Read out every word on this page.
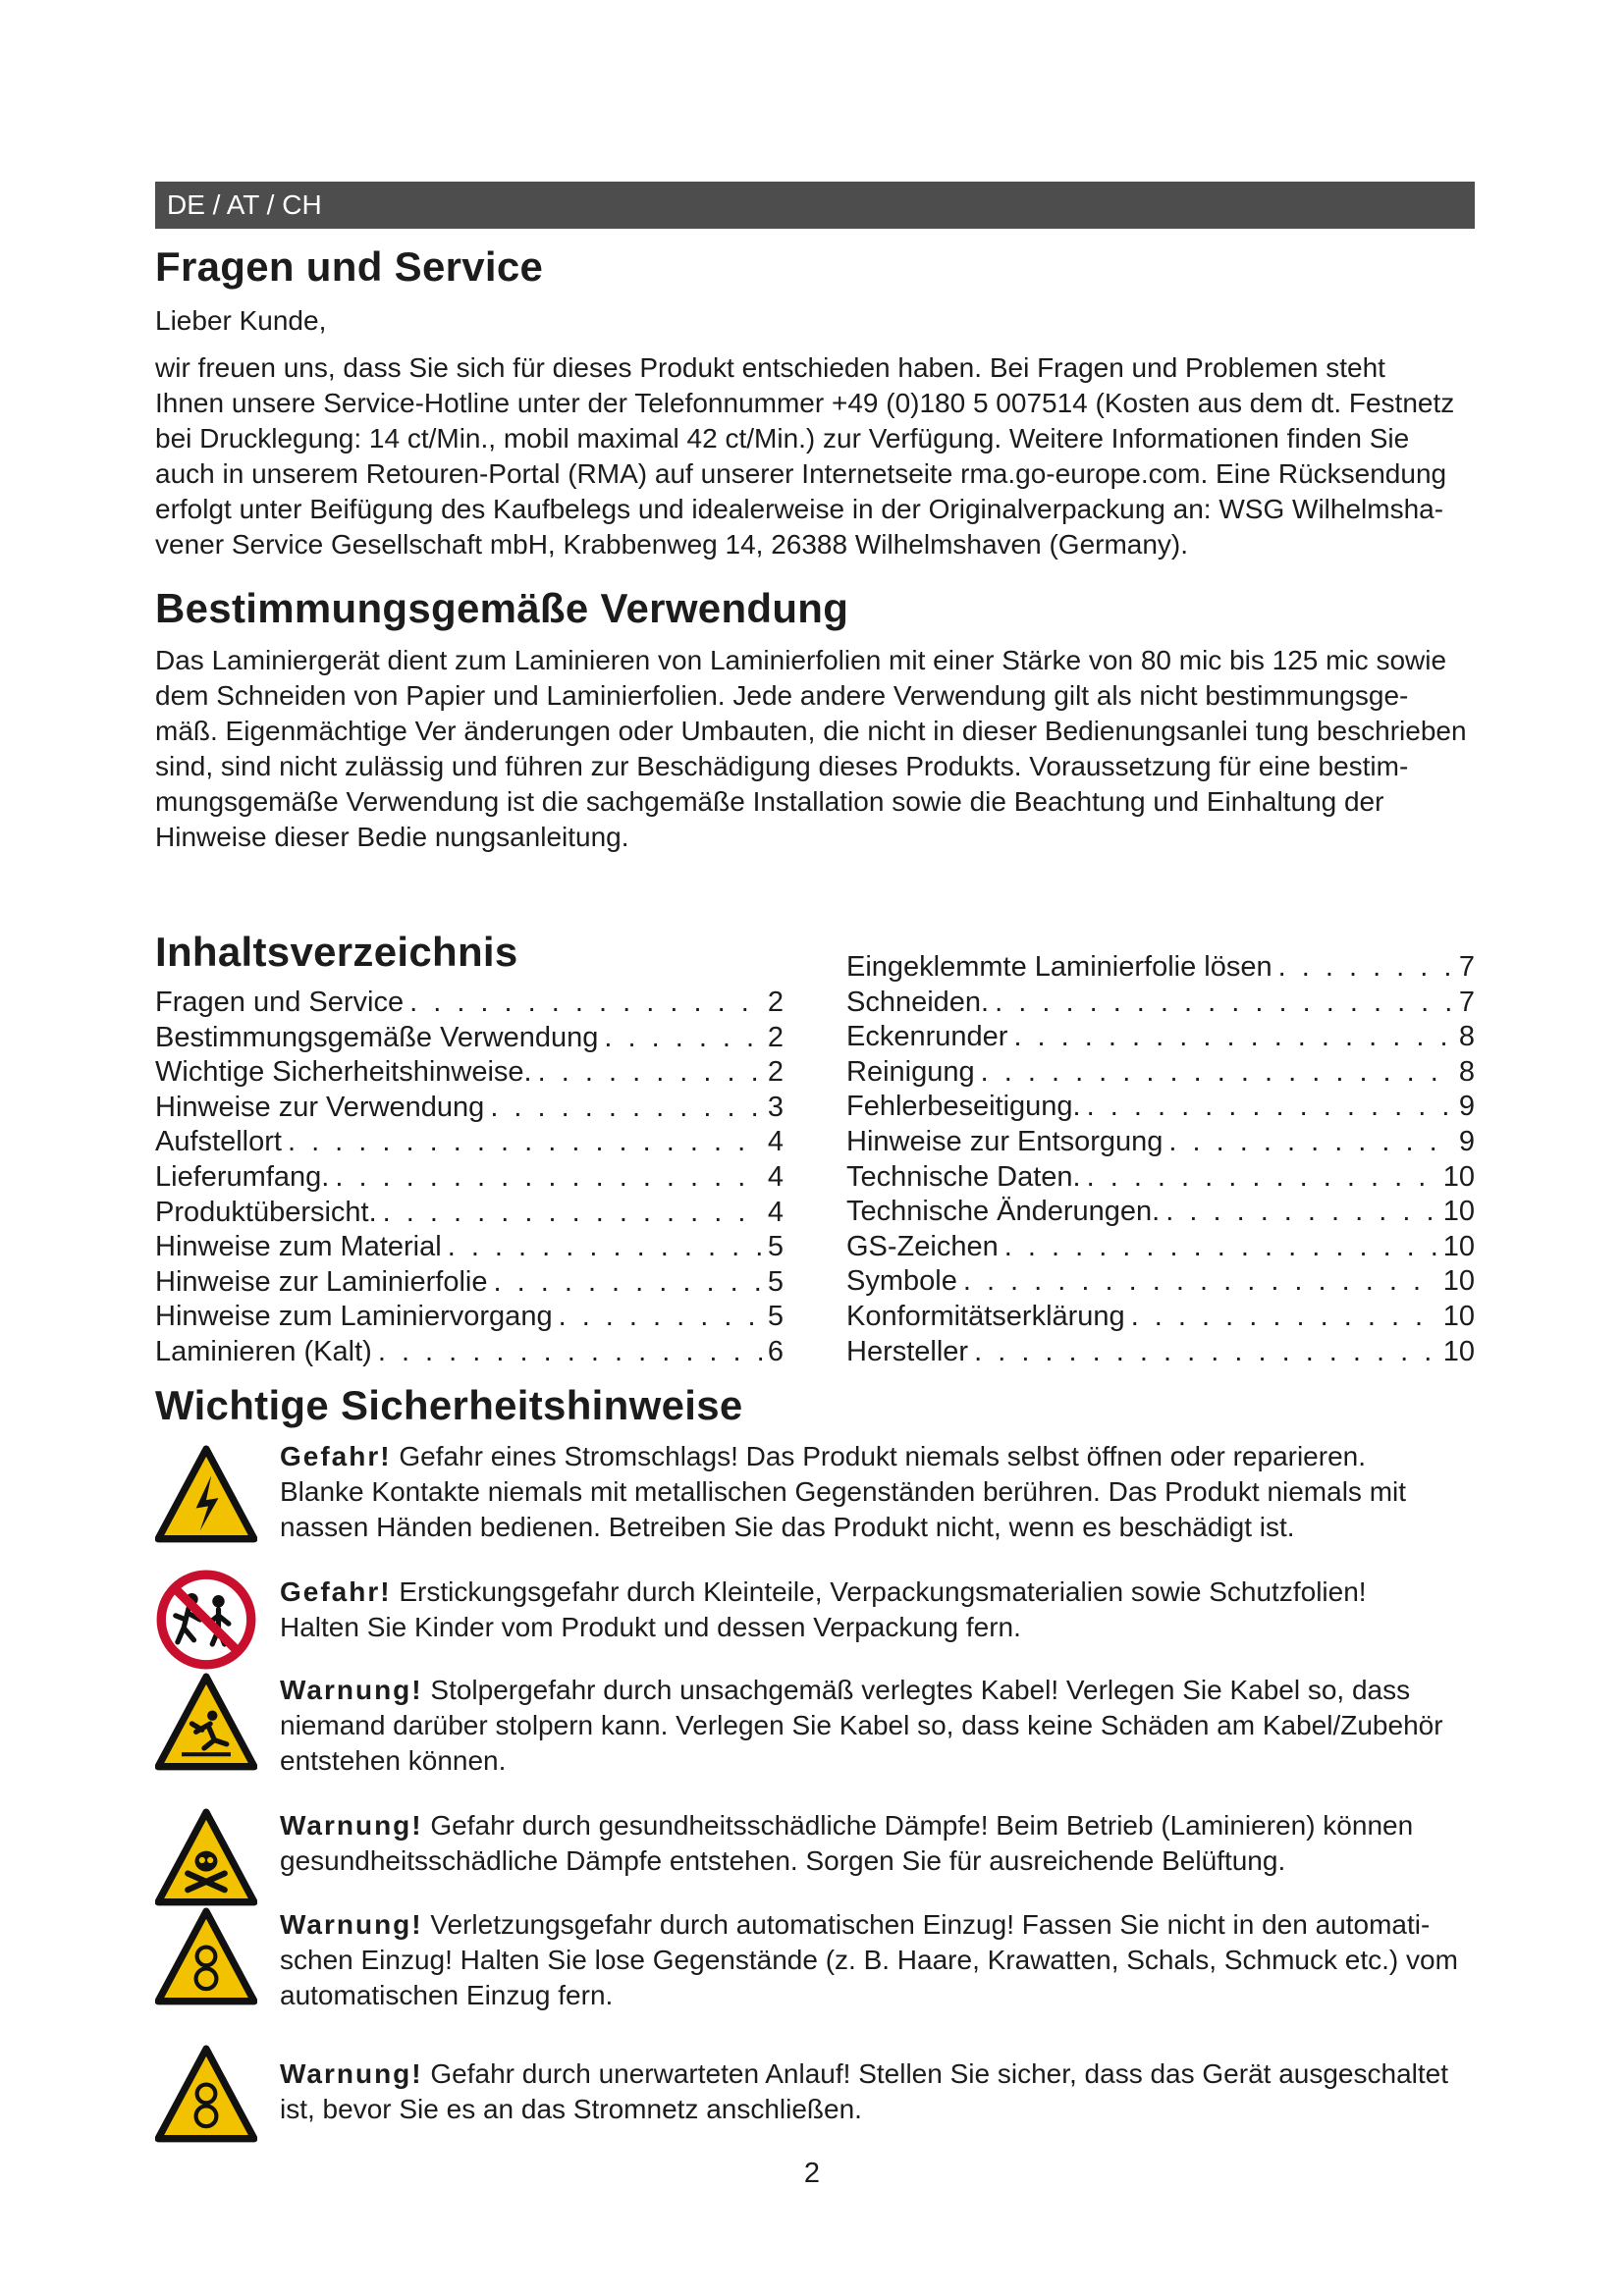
DE / AT / CH
Fragen und Service

Lieber Kunde,

wir freuen uns, dass Sie sich für dieses Produkt entschieden haben. Bei Fragen und Problemen steht
Ihnen unsere Service-Hotline unter der Telefonnummer +49 (0)180 5 007514 (Kosten aus dem dt. Festnetz
bei Drucklegung: 14 ct/Min., mobil maximal 42 ct/Min.) zur Verfügung. Weitere Informationen finden Sie
auch in unserem Retouren-Portal (RMA) auf unserer Internetseite rma.go-europe.com. Eine Rücksendung
erfolgt unter Beifügung des Kaufbelegs und idealerweise in der Originalverpackung an: WSG Wilhelmsha-
vener Service Gesellschaft mbH, Krabbenweg 14, 26388 Wilhelmshaven (Germany).

Bestimmungsgemäße Verwendung

Das Laminiergerät dient zum Laminieren von Laminierfolien mit einer Stärke von 80 mic bis 125 mic sowie
dem Schneiden von Papier und Laminierfolien. Jede andere Verwendung gilt als nicht bestimmungsge-
mäß. Eigenmächtige Ver änderungen oder Umbauten, die nicht in dieser Bedienungsanlei tung beschrieben
sind, sind nicht zulässig und führen zur Beschädigung dieses Produkts. Voraussetzung für eine bestim-
mungsgemäße Verwendung ist die sachgemäße Installation sowie die Beachtung und Einhaltung der
Hinweise dieser Bedie nungsanleitung.

Inhaltsverzeichnis
Fragen und Service . . .	2
Bestimmungsgemäße Verwendung . . .	2
Wichtige Sicherheitshinweise. . . .	2
Hinweise zur Verwendung . . .	3
Aufstellort . . .	4
Lieferumfang. . . .	4
Produktübersicht. . . .	4
Hinweise zum Material . . .	5
Hinweise zur Laminierfolie . . .	5
Hinweise zum Laminiervorgang . . .	5
Laminieren (Kalt) . . .	6
Eingeklemmte Laminierfolie lösen . . .	7
Schneiden. . . .	7
Eckenrunder . . .	8
Reinigung . . .	8
Fehlerbeseitigung. . . .	9
Hinweise zur Entsorgung . . .	9
Technische Daten. . . .	10
Technische Änderungen. . . .	10
GS-Zeichen . . .	10
Symbole . . .	10
Konformitätserklärung . . .	10
Hersteller . . .	10
Wichtige Sicherheitshinweise

Gefahr! Gefahr eines Stromschlags! Das Produkt niemals selbst öffnen oder reparieren.
Blanke Kontakte niemals mit metallischen Gegenständen berühren. Das Produkt niemals mit
nassen Händen bedienen. Betreiben Sie das Produkt nicht, wenn es beschädigt ist.

Gefahr! Erstickungsgefahr durch Kleinteile, Verpackungsmaterialien sowie Schutzfolien!
Halten Sie Kinder vom Produkt und dessen Verpackung fern.

Warnung! Stolpergefahr durch unsachgemäß verlegtes Kabel! Verlegen Sie Kabel so, dass
niemand darüber stolpern kann. Verlegen Sie Kabel so, dass keine Schäden am Kabel/Zubehör
entstehen können.

Warnung! Gefahr durch gesundheitsschädliche Dämpfe! Beim Betrieb (Laminieren) können
gesundheitsschädliche Dämpfe entstehen. Sorgen Sie für ausreichende Belüftung.

Warnung! Verletzungsgefahr durch automatischen Einzug! Fassen Sie nicht in den automati-
schen Einzug! Halten Sie lose Gegenstände (z. B. Haare, Krawatten, Schals, Schmuck etc.) vom
automatischen Einzug fern.

Warnung! Gefahr durch unerwarteten Anlauf! Stellen Sie sicher, dass das Gerät ausgeschaltet
ist, bevor Sie es an das Stromnetz anschließen.

2
